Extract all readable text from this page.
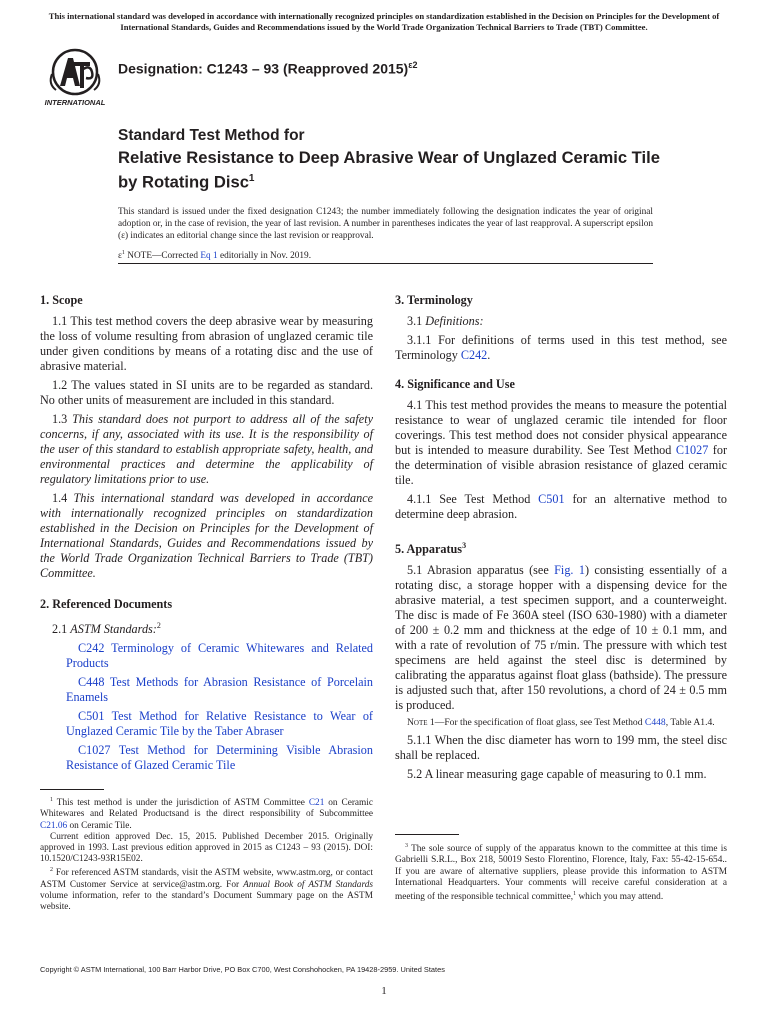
This international standard was developed in accordance with internationally recognized principles on standardization established in the Decision on Principles for the Development of International Standards, Guides and Recommendations issued by the World Trade Organization Technical Barriers to Trade (TBT) Committee.
INTERNATIONAL
Designation: C1243 – 93 (Reapproved 2015)$^{\varepsilon 2}$
Standard Test Method for
Relative Resistance to Deep Abrasive Wear of Unglazed Ceramic Tile by Rotating Disc$^1$
This standard is issued under the fixed designation C1243; the number immediately following the designation indicates the year of original adoption or, in the case of revision, the year of last revision. A number in parentheses indicates the year of last reapproval. A superscript epsilon (ε) indicates an editorial change since the last revision or reapproval.
$\varepsilon^1$ NOTE—Corrected Eq 1 editorially in Nov. 2019.
1. Scope

1.1 This test method covers the deep abrasive wear by measuring the loss of volume resulting from abrasion of unglazed ceramic tile under given conditions by means of a rotating disc and the use of abrasive material.

1.2 The values stated in SI units are to be regarded as standard. No other units of measurement are included in this standard.

1.3 This standard does not purport to address all of the safety concerns, if any, associated with its use. It is the responsibility of the user of this standard to establish appropriate safety, health, and environmental practices and determine the applicability of regulatory limitations prior to use.

1.4 This international standard was developed in accordance with internationally recognized principles on standardization established in the Decision on Principles for the Development of International Standards, Guides and Recommendations issued by the World Trade Organization Technical Barriers to Trade (TBT) Committee.

2. Referenced Documents

2.1 ASTM Standards:$^2$

C242 Terminology of Ceramic Whitewares and Related Products

C448 Test Methods for Abrasion Resistance of Porcelain Enamels

C501 Test Method for Relative Resistance to Wear of Unglazed Ceramic Tile by the Taber Abraser

C1027 Test Method for Determining Visible Abrasion Resistance of Glazed Ceramic Tile

3. Terminology

3.1 Definitions:

3.1.1 For definitions of terms used in this test method, see Terminology C242.

4. Significance and Use

4.1 This test method provides the means to measure the potential resistance to wear of unglazed ceramic tile intended for floor coverings. This test method does not consider physical appearance but is intended to measure durability. See Test Method C1027 for the determination of visible abrasion resistance of glazed ceramic tile.

4.1.1 See Test Method C501 for an alternative method to determine deep abrasion.

5. Apparatus$^3$

5.1 Abrasion apparatus (see Fig. 1) consisting essentially of a rotating disc, a storage hopper with a dispensing device for the abrasive material, a test specimen support, and a counterweight. The disc is made of Fe 360A steel (ISO 630-1980) with a diameter of 200 ± 0.2 mm and thickness at the edge of 10 ± 0.1 mm, and with a rate of revolution of 75 r/min. The pressure with which test specimens are held against the steel disc is determined by calibrating the apparatus against float glass (bathside). The pressure is adjusted such that, after 150 revolutions, a chord of 24 ± 0.5 mm is produced.

Note 1—For the specification of float glass, see Test Method C448, Table A1.4.

5.1.1 When the disc diameter has worn to 199 mm, the steel disc shall be replaced.

5.2 A linear measuring gage capable of measuring to 0.1 mm.

$^1$ This test method is under the jurisdiction of ASTM Committee C21 on Ceramic Whitewares and Related Productsand is the direct responsibility of Subcommittee C21.06 on Ceramic Tile.

Current edition approved Dec. 15, 2015. Published December 2015. Originally approved in 1993. Last previous edition approved in 2015 as C1243 – 93 (2015). DOI: 10.1520/C1243-93R15E02.

$^2$ For referenced ASTM standards, visit the ASTM website, www.astm.org, or contact ASTM Customer Service at service@astm.org. For Annual Book of ASTM Standards volume information, refer to the standard’s Document Summary page on the ASTM website.

$^3$ The sole source of supply of the apparatus known to the committee at this time is Gabrielli S.R.L., Box 218, 50019 Sesto Florentino, Florence, Italy, Fax: 55-42-15-654.. If you are aware of alternative suppliers, please provide this information to ASTM International Headquarters. Your comments will receive careful consideration at a meeting of the responsible technical committee,$^1$ which you may attend.

Copyright © ASTM International, 100 Barr Harbor Drive, PO Box C700, West Conshohocken, PA 19428-2959. United States
1
